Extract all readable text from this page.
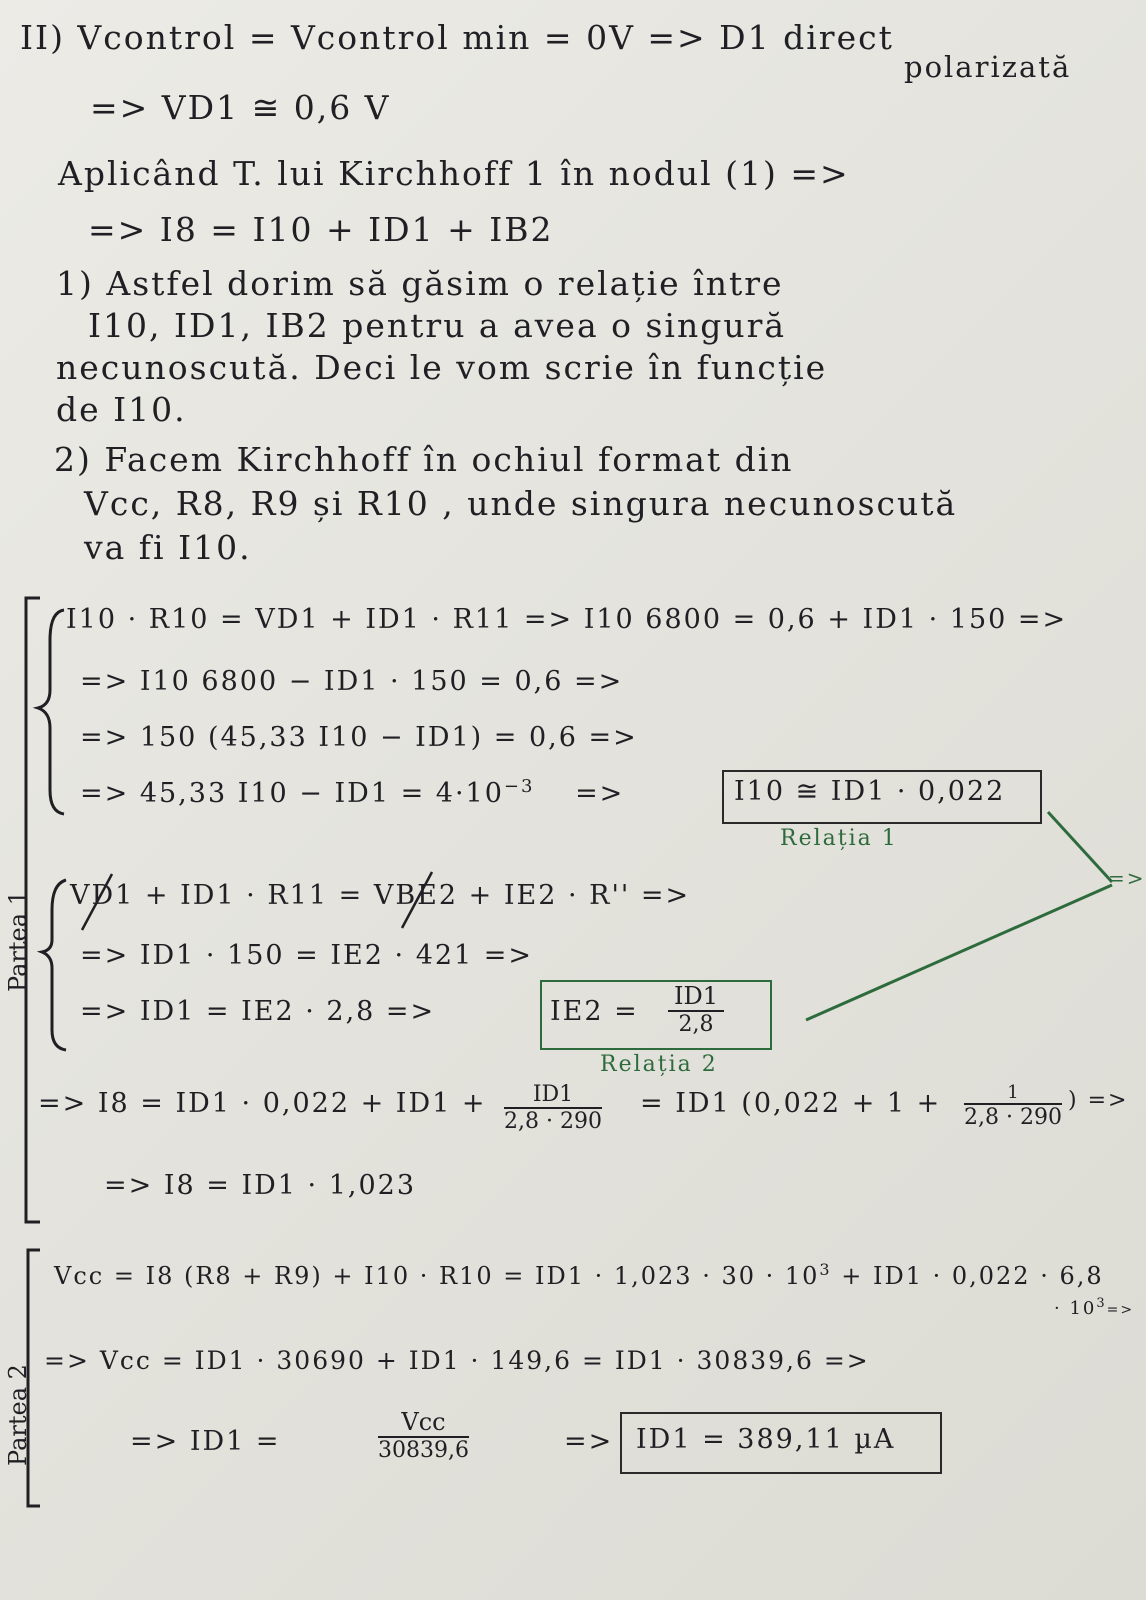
II) Vcontrol = Vcontrol min = 0V => D1 direct
polarizată
=> VD1 ≅ 0,6 V
Aplicând T. lui Kirchhoff 1 în nodul (1) =>
=> I8 = I10 + ID1 + IB2
1) Astfel dorim să găsim o relație între
I10, ID1, IB2 pentru a avea o singură
necunoscută. Deci le vom scrie în funcție
de I10.
2) Facem Kirchhoff în ochiul format din
Vcc, R8, R9 și R10 , unde singura necunoscută
va fi I10.
I10 · R10 = VD1 + ID1 · R11 => I10 6800 = 0,6 + ID1 · 150 =>
=> I10 6800 − ID1 · 150 = 0,6 =>
=> 150 (45,33 I10 − ID1) = 0,6 =>
=> 45,33 $I10 - ID1 = 4\cdot 10^{-3}$ =>	I10 ≅ ID1 · 0,022
Relația 1
VD1 + ID1 · R11 = VBE2 + IE2 · R'' =>
=> ID1 · 150 = IE2 · 421 =>
=> ID1 = IE2 · 2,8 =>	$IE2 = \frac{ID1}{2,8}$
Relația 2
=>
=> $I8 = ID1 \cdot 0,022 + ID1 + \frac{ID1}{2,8 \cdot 290} = ID1$ (0,022 + 1 +	1
2,8 · 290
) =>
=> I8 = ID1 · 1,023
Vcc = I8 $(R8 + R9) + I10 \cdot R10 = ID1 \cdot 1,023 \cdot 30 \cdot 10^3 + ID1 \cdot 0,022 \cdot 6,8$
· $10^3=>$
=> Vcc = ID1 · 30690 + ID1 · 149,6 = ID1 · 30839,6 =>
=> ID1 =
Vcc
30839,6	=> ID1 = 389,11 µA
Partea 1
Partea 2
